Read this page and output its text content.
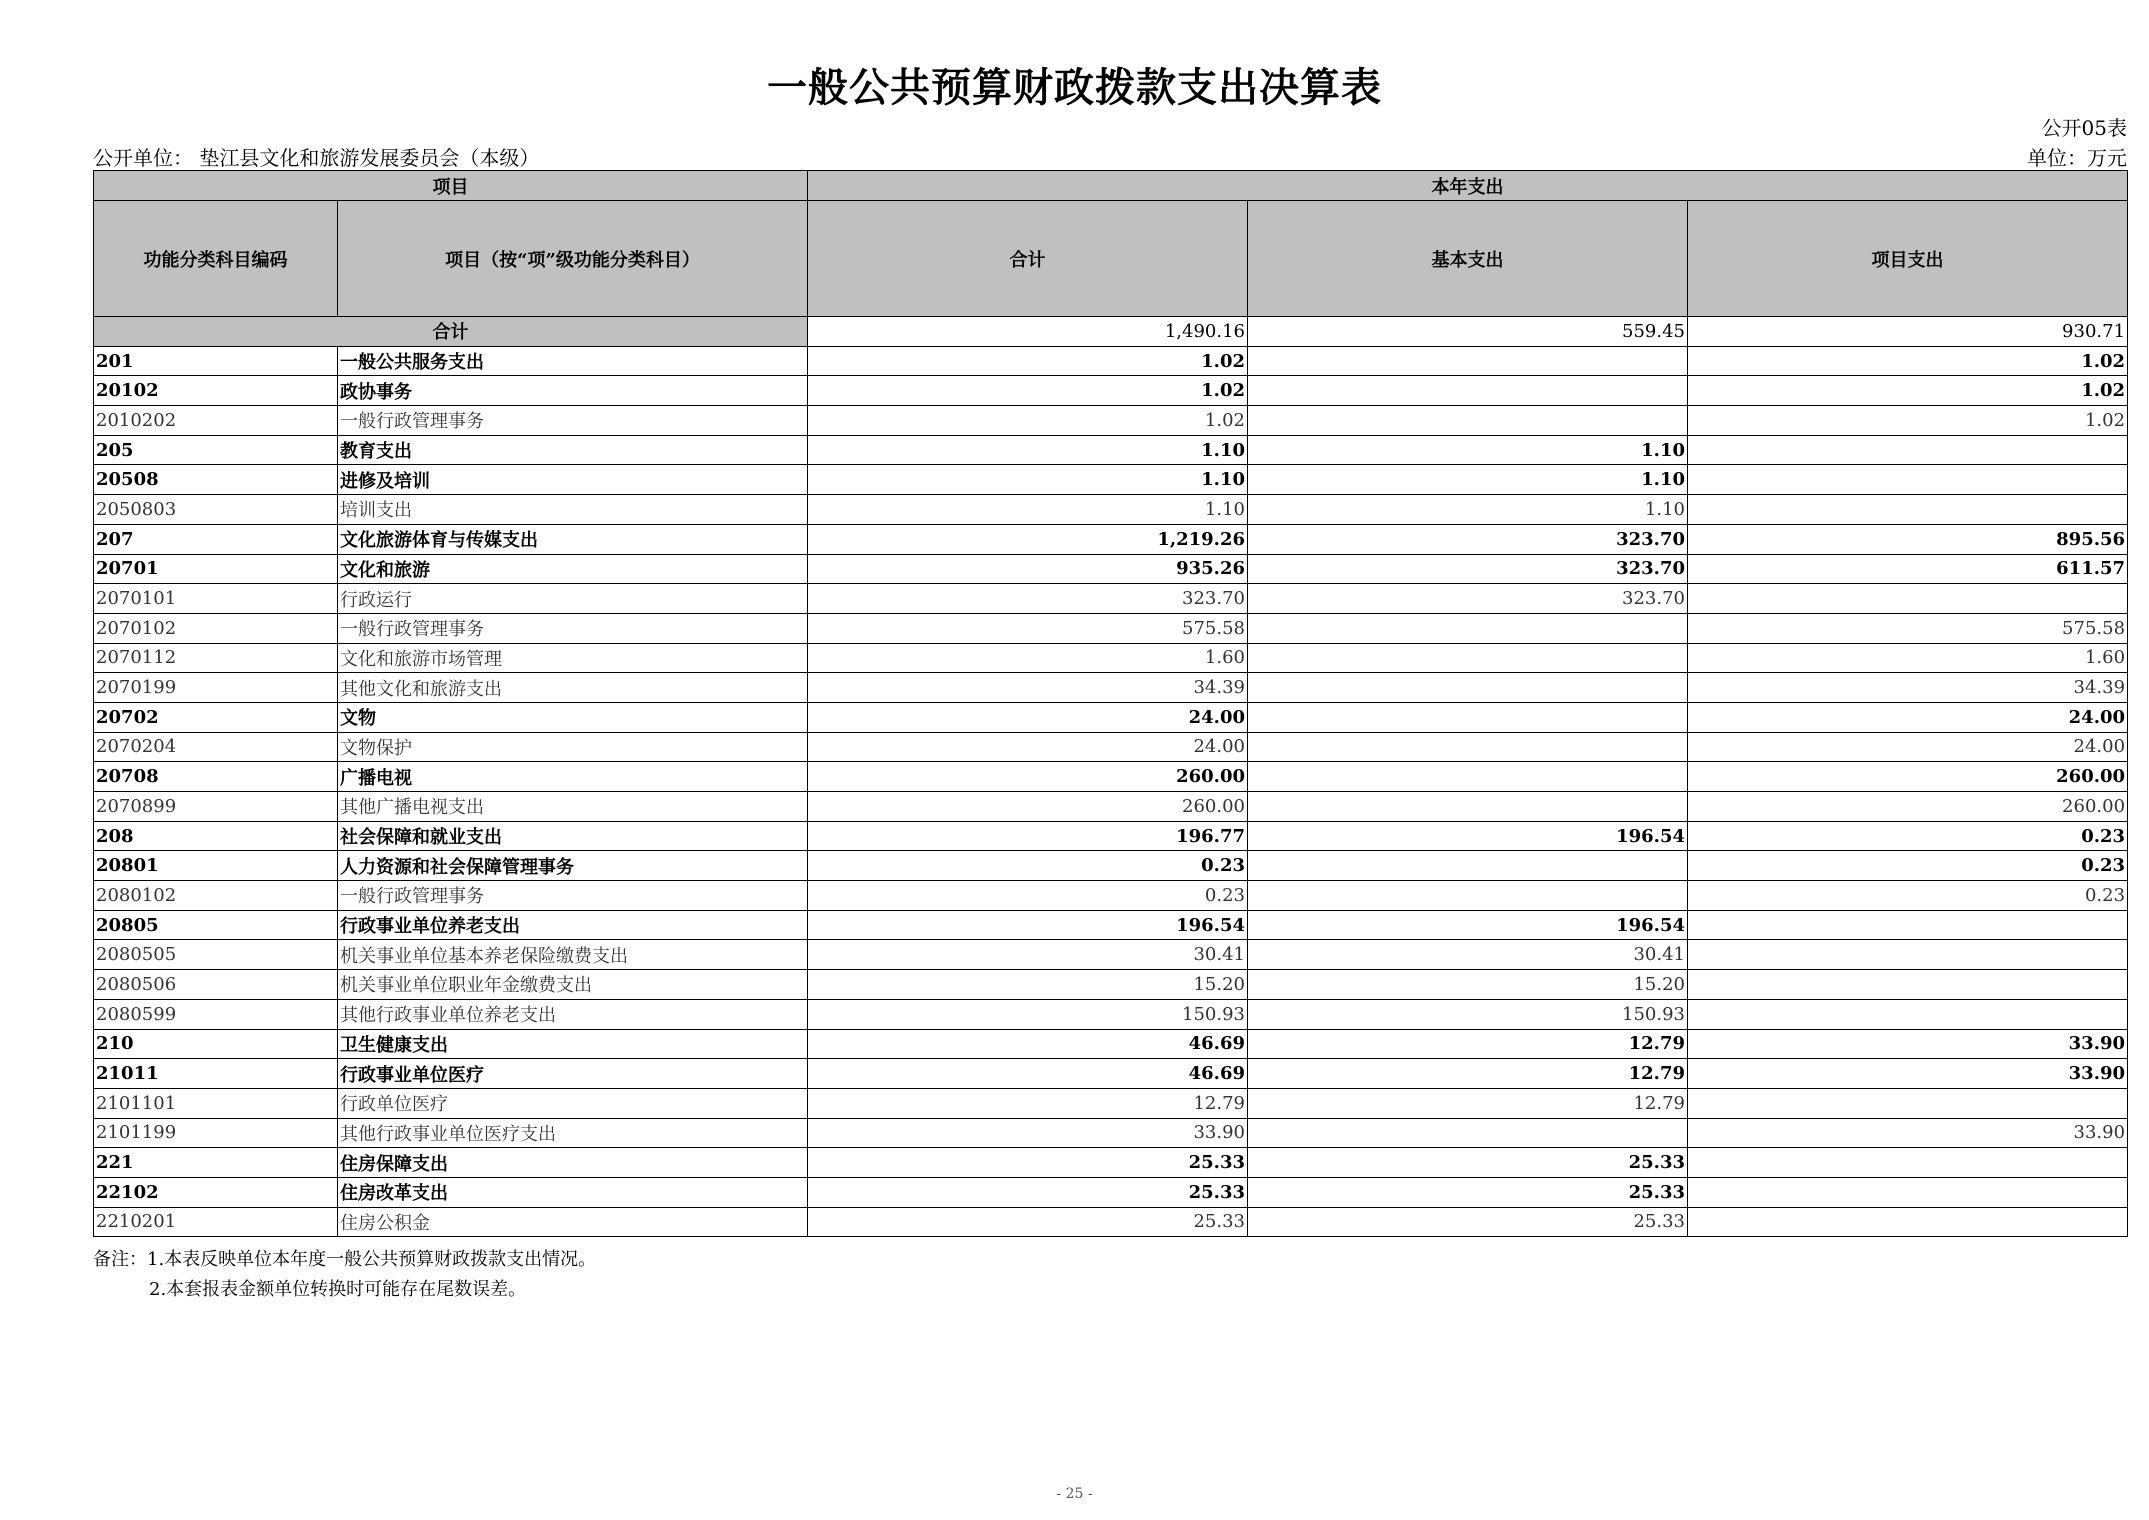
一般公共预算财政拨款支出决算表
公开05表
公开单位： 垫江县文化和旅游发展委员会（本级）	单位：万元
项目		本年支出		
功能分类科目编码	项目（按“项”级功能分类科目）	合计	基本支出	项目支出
合计		1,490.16	559.45	930.71
201	一般公共服务支出	1.02		1.02
20102	政协事务	1.02		1.02
2010202	一般行政管理事务	1.02		1.02
205	教育支出	1.10	1.10	
20508	进修及培训	1.10	1.10	
2050803	培训支出	1.10	1.10	
207	文化旅游体育与传媒支出	1,219.26	323.70	895.56
20701	文化和旅游	935.26	323.70	611.57
2070101	行政运行	323.70	323.70	
2070102	一般行政管理事务	575.58		575.58
2070112	文化和旅游市场管理	1.60		1.60
2070199	其他文化和旅游支出	34.39		34.39
20702	文物	24.00		24.00
2070204	文物保护	24.00		24.00
20708	广播电视	260.00		260.00
2070899	其他广播电视支出	260.00		260.00
208	社会保障和就业支出	196.77	196.54	0.23
20801	人力资源和社会保障管理事务	0.23		0.23
2080102	一般行政管理事务	0.23		0.23
20805	行政事业单位养老支出	196.54	196.54	
2080505	机关事业单位基本养老保险缴费支出	30.41	30.41	
2080506	机关事业单位职业年金缴费支出	15.20	15.20	
2080599	其他行政事业单位养老支出	150.93	150.93	
210	卫生健康支出	46.69	12.79	33.90
21011	行政事业单位医疗	46.69	12.79	33.90
2101101	行政单位医疗	12.79	12.79	
2101199	其他行政事业单位医疗支出	33.90		33.90
221	住房保障支出	25.33	25.33	
22102	住房改革支出	25.33	25.33	
2210201	住房公积金	25.33	25.33	
备注：1.本表反映单位本年度一般公共预算财政拨款支出情况。
2.本套报表金额单位转换时可能存在尾数误差。
- 25 -
